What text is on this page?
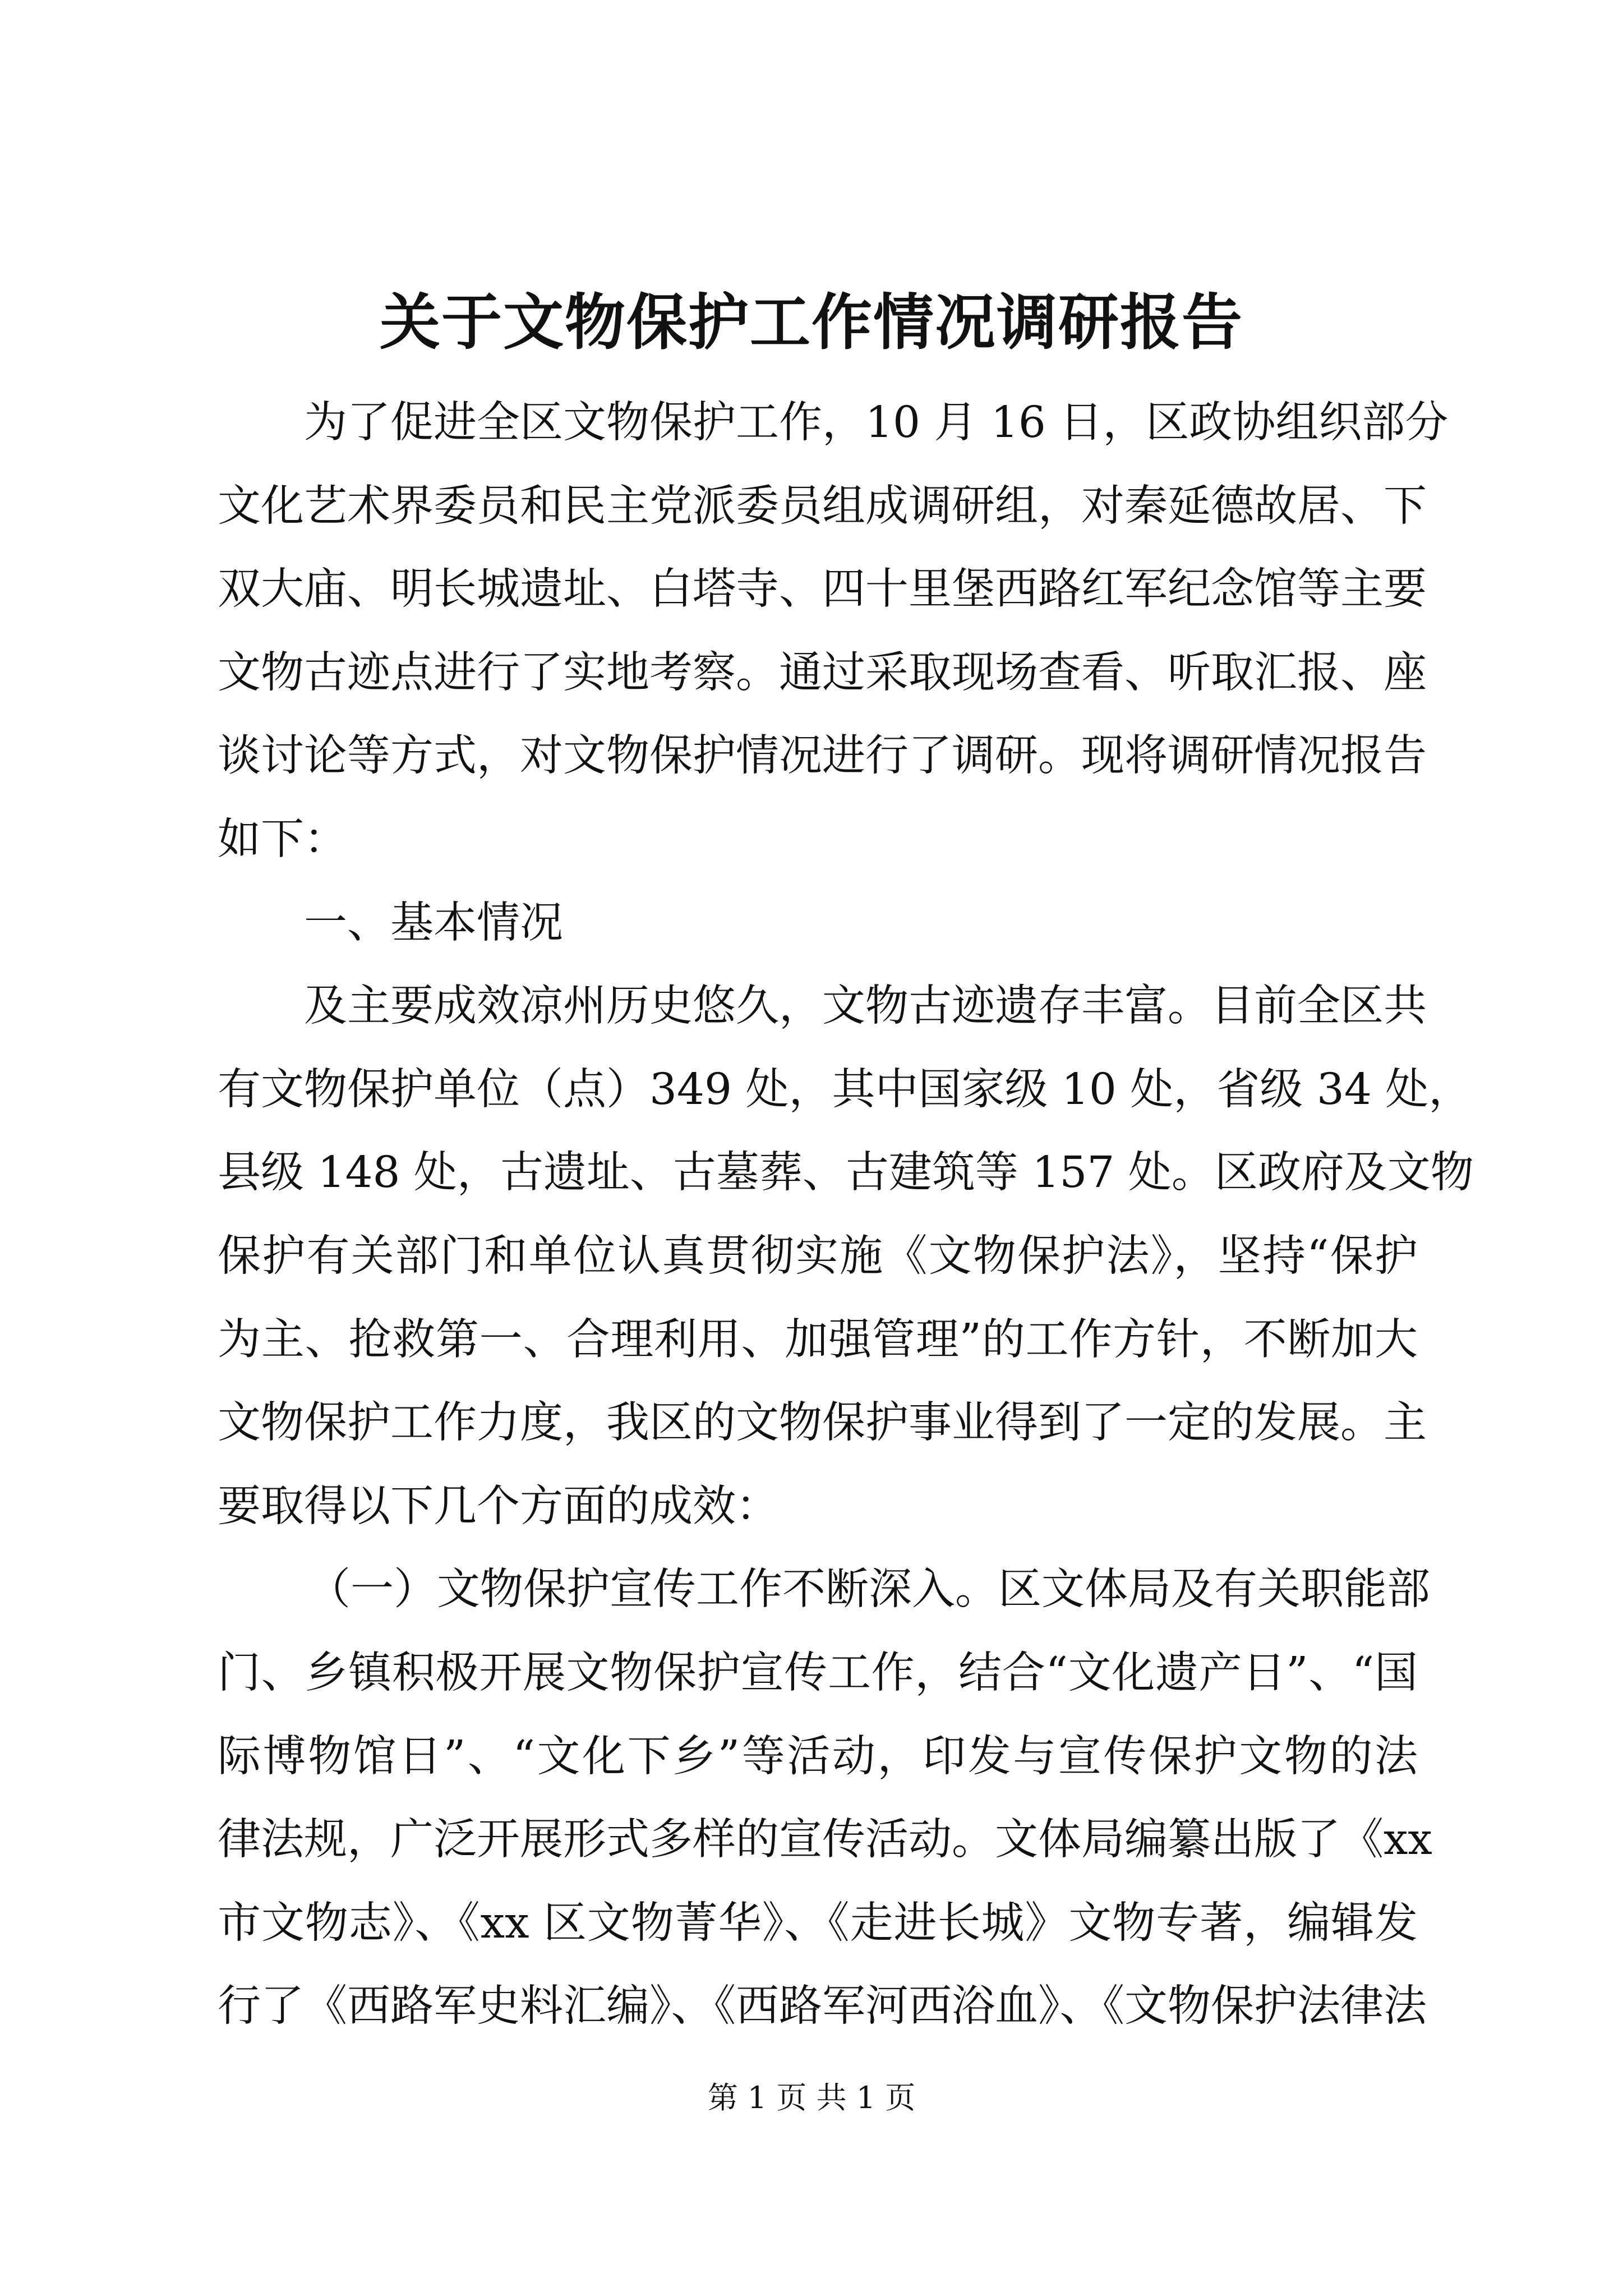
关于文物保护工作情况调研报告
为了促进全区文物保护工作，10 月 16 日，区政协组织部分
文化艺术界委员和民主党派委员组成调研组，对秦延德故居、下
双大庙、明长城遗址、白塔寺、四十里堡西路红军纪念馆等主要
文物古迹点进行了实地考察。通过采取现场查看、听取汇报、座
谈讨论等方式，对文物保护情况进行了调研。现将调研情况报告
如下：
一、基本情况
及主要成效凉州历史悠久，文物古迹遗存丰富。目前全区共
有文物保护单位（点）349 处，其中国家级 10 处，省级 34 处，
县级 148 处，古遗址、古墓葬、古建筑等 157 处。区政府及文物
保护有关部门和单位认真贯彻实施《文物保护法》，坚持“保护
为主、抢救第一、合理利用、加强管理”的工作方针，不断加大
文物保护工作力度，我区的文物保护事业得到了一定的发展。主
要取得以下几个方面的成效：
（一）文物保护宣传工作不断深入。区文体局及有关职能部
门、乡镇积极开展文物保护宣传工作，结合“文化遗产日”、“国
际博物馆日”、“文化下乡”等活动，印发与宣传保护文物的法
律法规，广泛开展形式多样的宣传活动。文体局编纂出版了《xx
市文物志》、《xx 区文物菁华》、《走进长城》文物专著，编辑发
行了《西路军史料汇编》、《西路军河西浴血》、《文物保护法律法
第 1 页 共 1 页
